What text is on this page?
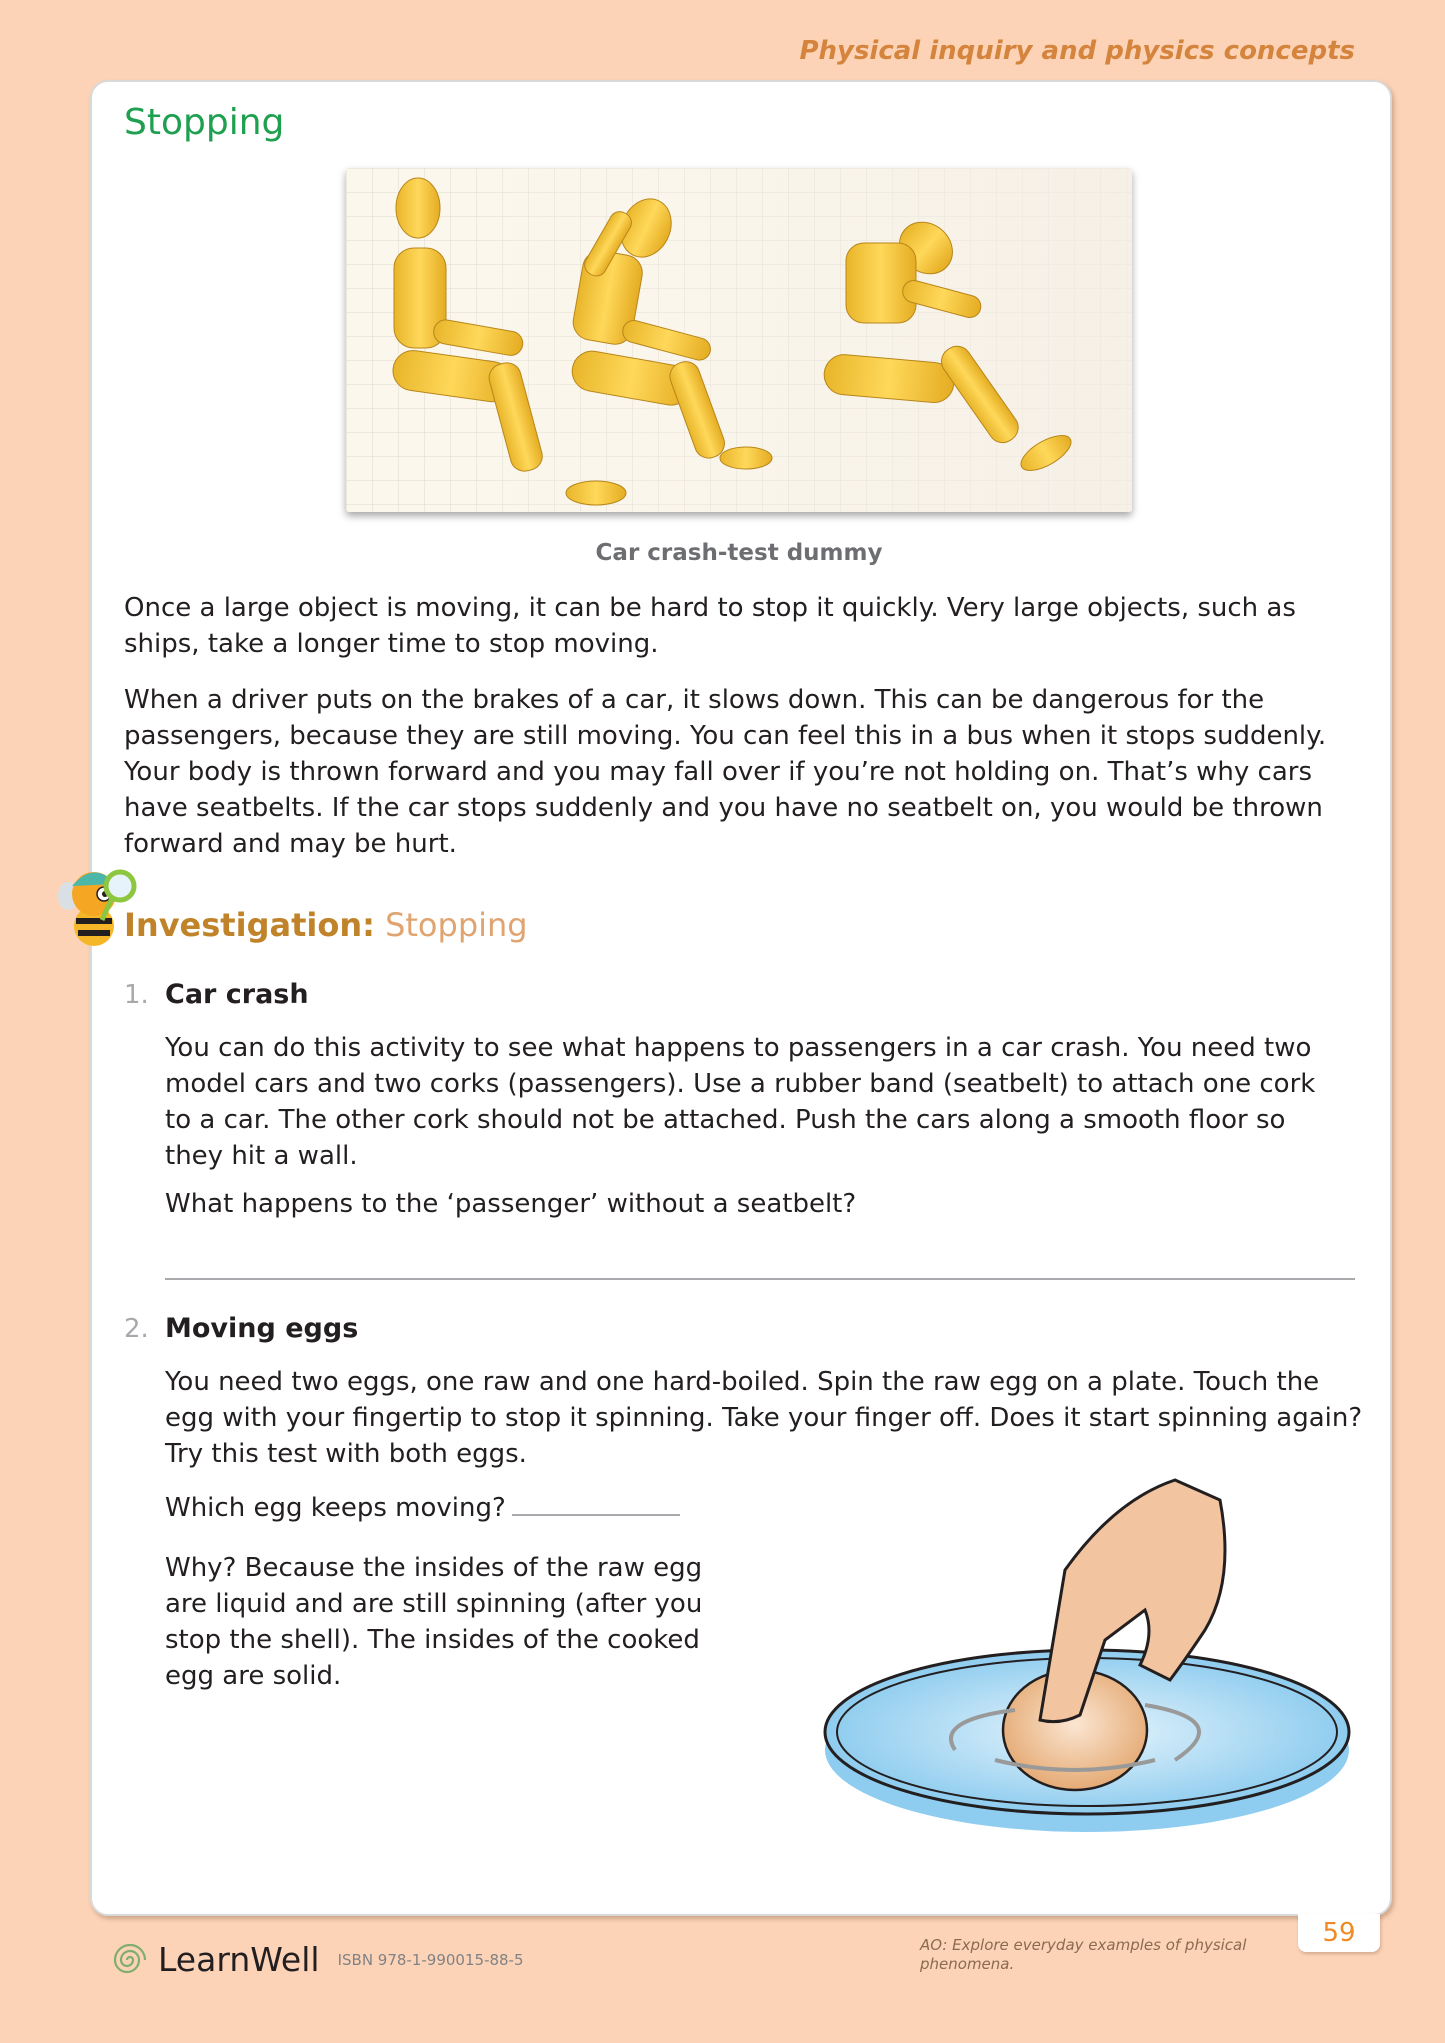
Physical inquiry and physics concepts
Stopping
Car crash-test dummy
Once a large object is moving, it can be hard to stop it quickly. Very large objects, such as ships, take a longer time to stop moving.
When a driver puts on the brakes of a car, it slows down. This can be dangerous for the passengers, because they are still moving. You can feel this in a bus when it stops suddenly. Your body is thrown forward and you may fall over if you’re not holding on. That’s why cars have seatbelts. If the car stops suddenly and you have no seatbelt on, you would be thrown forward and may be hurt.
Investigation: Stopping
1. Car crash
You can do this activity to see what happens to passengers in a car crash. You need two model cars and two corks (passengers). Use a rubber band (seatbelt) to attach one cork to a car. The other cork should not be attached. Push the cars along a smooth floor so they hit a wall.
What happens to the ‘passenger’ without a seatbelt?
2. Moving eggs
You need two eggs, one raw and one hard-boiled. Spin the raw egg on a plate. Touch the egg with your fingertip to stop it spinning. Take your finger off. Does it start spinning again? Try this test with both eggs.
Which egg keeps moving?
Why? Because the insides of the raw egg are liquid and are still spinning (after you stop the shell). The insides of the cooked egg are solid.
LearnWell ISBN 978-1-990015-88-5
AO: Explore everyday examples of physical phenomena.
59
